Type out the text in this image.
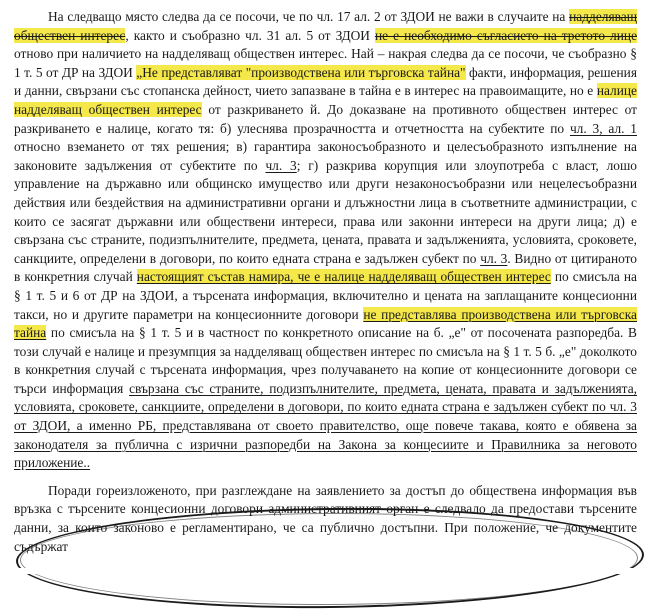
На следващо място следва да се посочи, че по чл. 17 ал. 2 от ЗДОИ не важи в случаите на надделяващ обществен интерес, както и съобразно чл. 31 ал. 5 от ЗДОИ не е необходимо съгласието на третото лице отново при наличието на надделяващ обществен интерес. Най – накрая следва да се посочи, че съобразно § 1 т. 5 от ДР на ЗДОИ „Не представляват "производствена или търговска тайна" факти, информация, решения и данни, свързани със стопанска дейност, чието запазване в тайна е в интерес на правоимащите, но е налице надделяващ обществен интерес от разкриването й. До доказване на противното обществен интерес от разкриването е налице, когато тя: б) улеснява прозрачността и отчетността на субектите по чл. 3, ал. 1 относно взeмането от тях решения; в) гарантира законосъобразното и целесъобразното изпълнение на законовите задължения от субектите по чл. 3; г) разкрива корупция или злоупотреба с власт, лошо управление на държавно или общинско имущество или други незаконосъобразни или нецелесъобразни действия или бездействия на административни органи и длъжностни лица в съответните администрации, с които се засягат държавни или обществени интереси, права или законни интереси на други лица; д) е свързана със страните, подизпълнителите, предмета, цената, правата и задълженията, условията, сроковете, санкциите, определени в договори, по които едната страна е задължен субект по чл. 3. Видно от цитираното в конкретния случай настоящият състав намира, че е налице надделяващ обществен интерес по смисъла на § 1 т. 5 и 6 от ДР на ЗДОИ, а търсената информация, включително и цената на заплащаните концесионни такси, но и другите параметри на концесионните договори не представлява производствена или търговска тайна по смисъла на § 1 т. 5 и в частност по конкретното описание на б. „е" от посочената разпоредба. В този случай е налице и презумпция за надделяващ обществен интерес по смисъла на § 1 т. 5 б. „е" доколкото в конкретния случай с търсената информация, чрез получаването на копие от концесионните договори се търси информация свързана със страните, подизпълнителите, предмета, цената, правата и задълженията, условията, сроковете, санкциите, определени в договори, по които едната страна е задължен субект по чл. 3 от ЗДОИ, а именно РБ, представлявана от своето правителство, още повече такава, която е обявена за законодателя за публична с изрични разпоредби на Закона за концесиите и Правилника за неговото приложение..

Поради гореизложеното, при разглеждане на заявлението за достъп до обществена информация във връзка с търсените концесионни договори административният орган е следвало да предостави търсените данни, за които законово е регламентирано, че са публично достъпни. При положение, че документите съдържат
